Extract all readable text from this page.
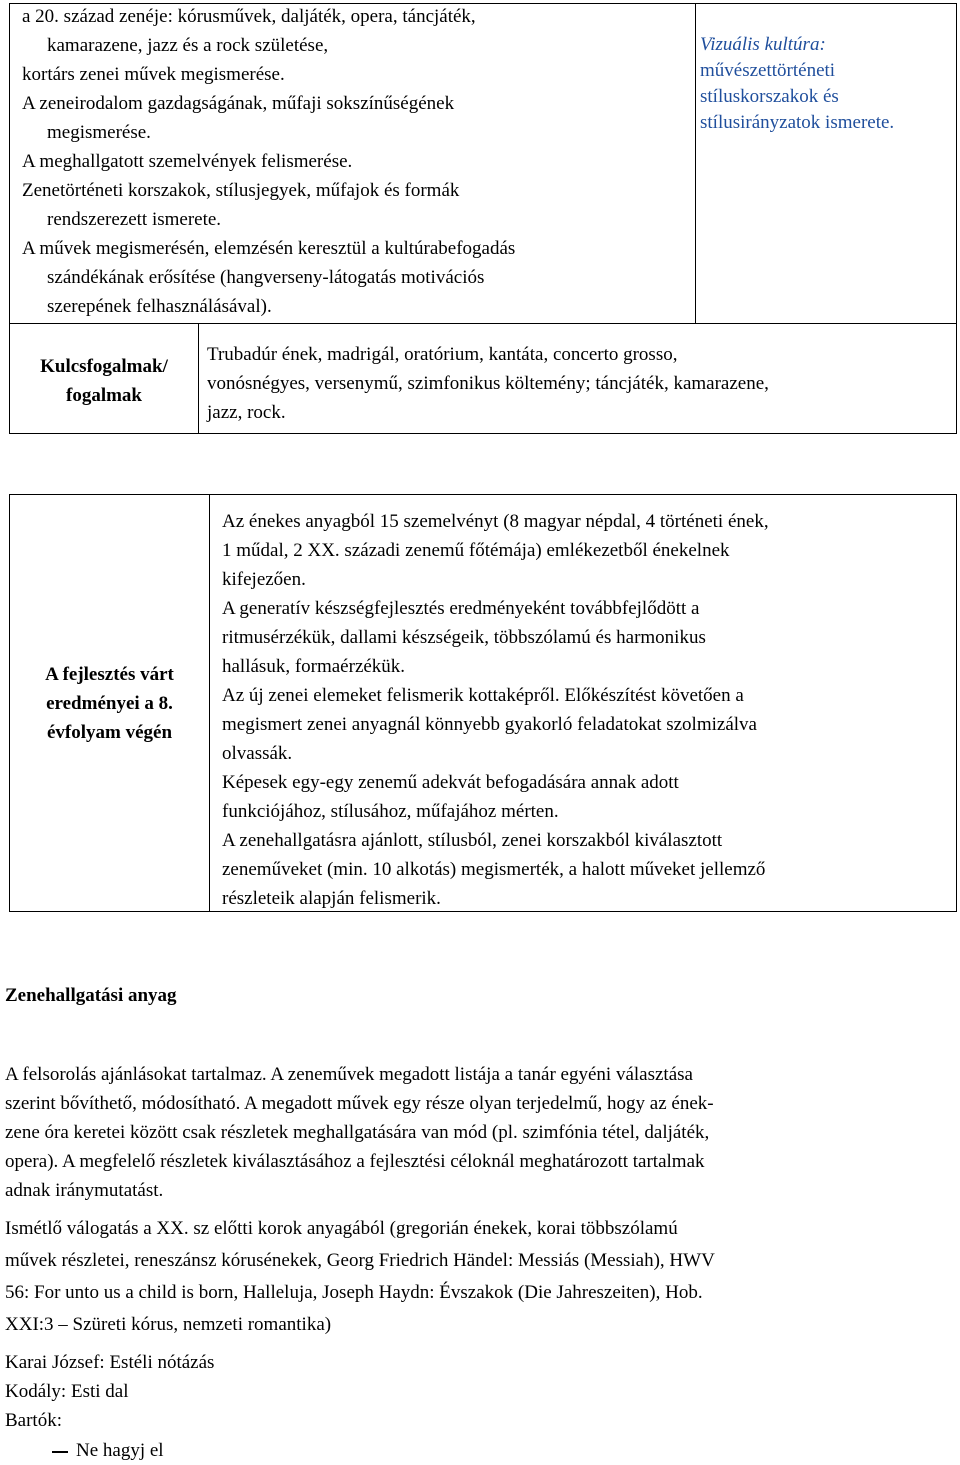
a 20. század zenéje: kórusművek, daljáték, opera, táncjáték,
kamarazene, jazz és a rock születése,
kortárs zenei művek megismerése.
A zeneirodalom gazdagságának, műfaji sokszínűségének
megismerése.
A meghallgatott szemelvények felismerése.
Zenetörténeti korszakok, stílusjegyek, műfajok és formák
rendszerezett ismerete.
A művek megismerésén, elemzésén keresztül a kultúrabefogadás
szándékának erősítése (hangverseny-látogatás motivációs
szerepének felhasználásával).
Vizuális kultúra:
művészettörténeti
stíluskorszakok és
stílusirányzatok ismerete.
Kulcsfogalmak/
fogalmak
Trubadúr ének, madrigál, oratórium, kantáta, concerto grosso,
vonósnégyes, versenymű, szimfonikus költemény; táncjáték, kamarazene,
jazz, rock.
A fejlesztés várt
eredményei a 8.
évfolyam végén
Az énekes anyagból 15 szemelvényt (8 magyar népdal, 4 történeti ének,
1 műdal, 2 XX. századi zenemű főtémája) emlékezetből énekelnek
kifejezően.
A generatív készségfejlesztés eredményeként továbbfejlődött a
ritmusérzékük, dallami készségeik, többszólamú és harmonikus
hallásuk, formaérzékük.
Az új zenei elemeket felismerik kottaképről. Előkészítést követően a
megismert zenei anyagnál könnyebb gyakorló feladatokat szolmizálva
olvassák.
Képesek egy-egy zenemű adekvát befogadására annak adott
funkciójához, stílusához, műfajához mérten.
A zenehallgatásra ajánlott, stílusból, zenei korszakból kiválasztott
zeneműveket (min. 10 alkotás) megismerték, a halott műveket jellemző
részleteik alapján felismerik.
Zenehallgatási anyag
A felsorolás ajánlásokat tartalmaz. A zeneművek megadott listája a tanár egyéni választása
szerint bővíthető, módosítható. A megadott művek egy része olyan terjedelmű, hogy az ének-
zene óra keretei között csak részletek meghallgatására van mód (pl. szimfónia tétel, daljáték,
opera). A megfelelő részletek kiválasztásához a fejlesztési céloknál meghatározott tartalmak
adnak iránymutatást.
Ismétlő válogatás a XX. sz előtti korok anyagából (gregorián énekek, korai többszólamú
művek részletei, reneszánsz kórusénekek, Georg Friedrich Händel: Messiás (Messiah), HWV
56: For unto us a child is born, Halleluja, Joseph Haydn: Évszakok (Die Jahreszeiten), Hob.
XXI:3 – Szüreti kórus, nemzeti romantika)
Karai József: Estéli nótázás
Kodály: Esti dal
Bartók:
Ne hagyj el
